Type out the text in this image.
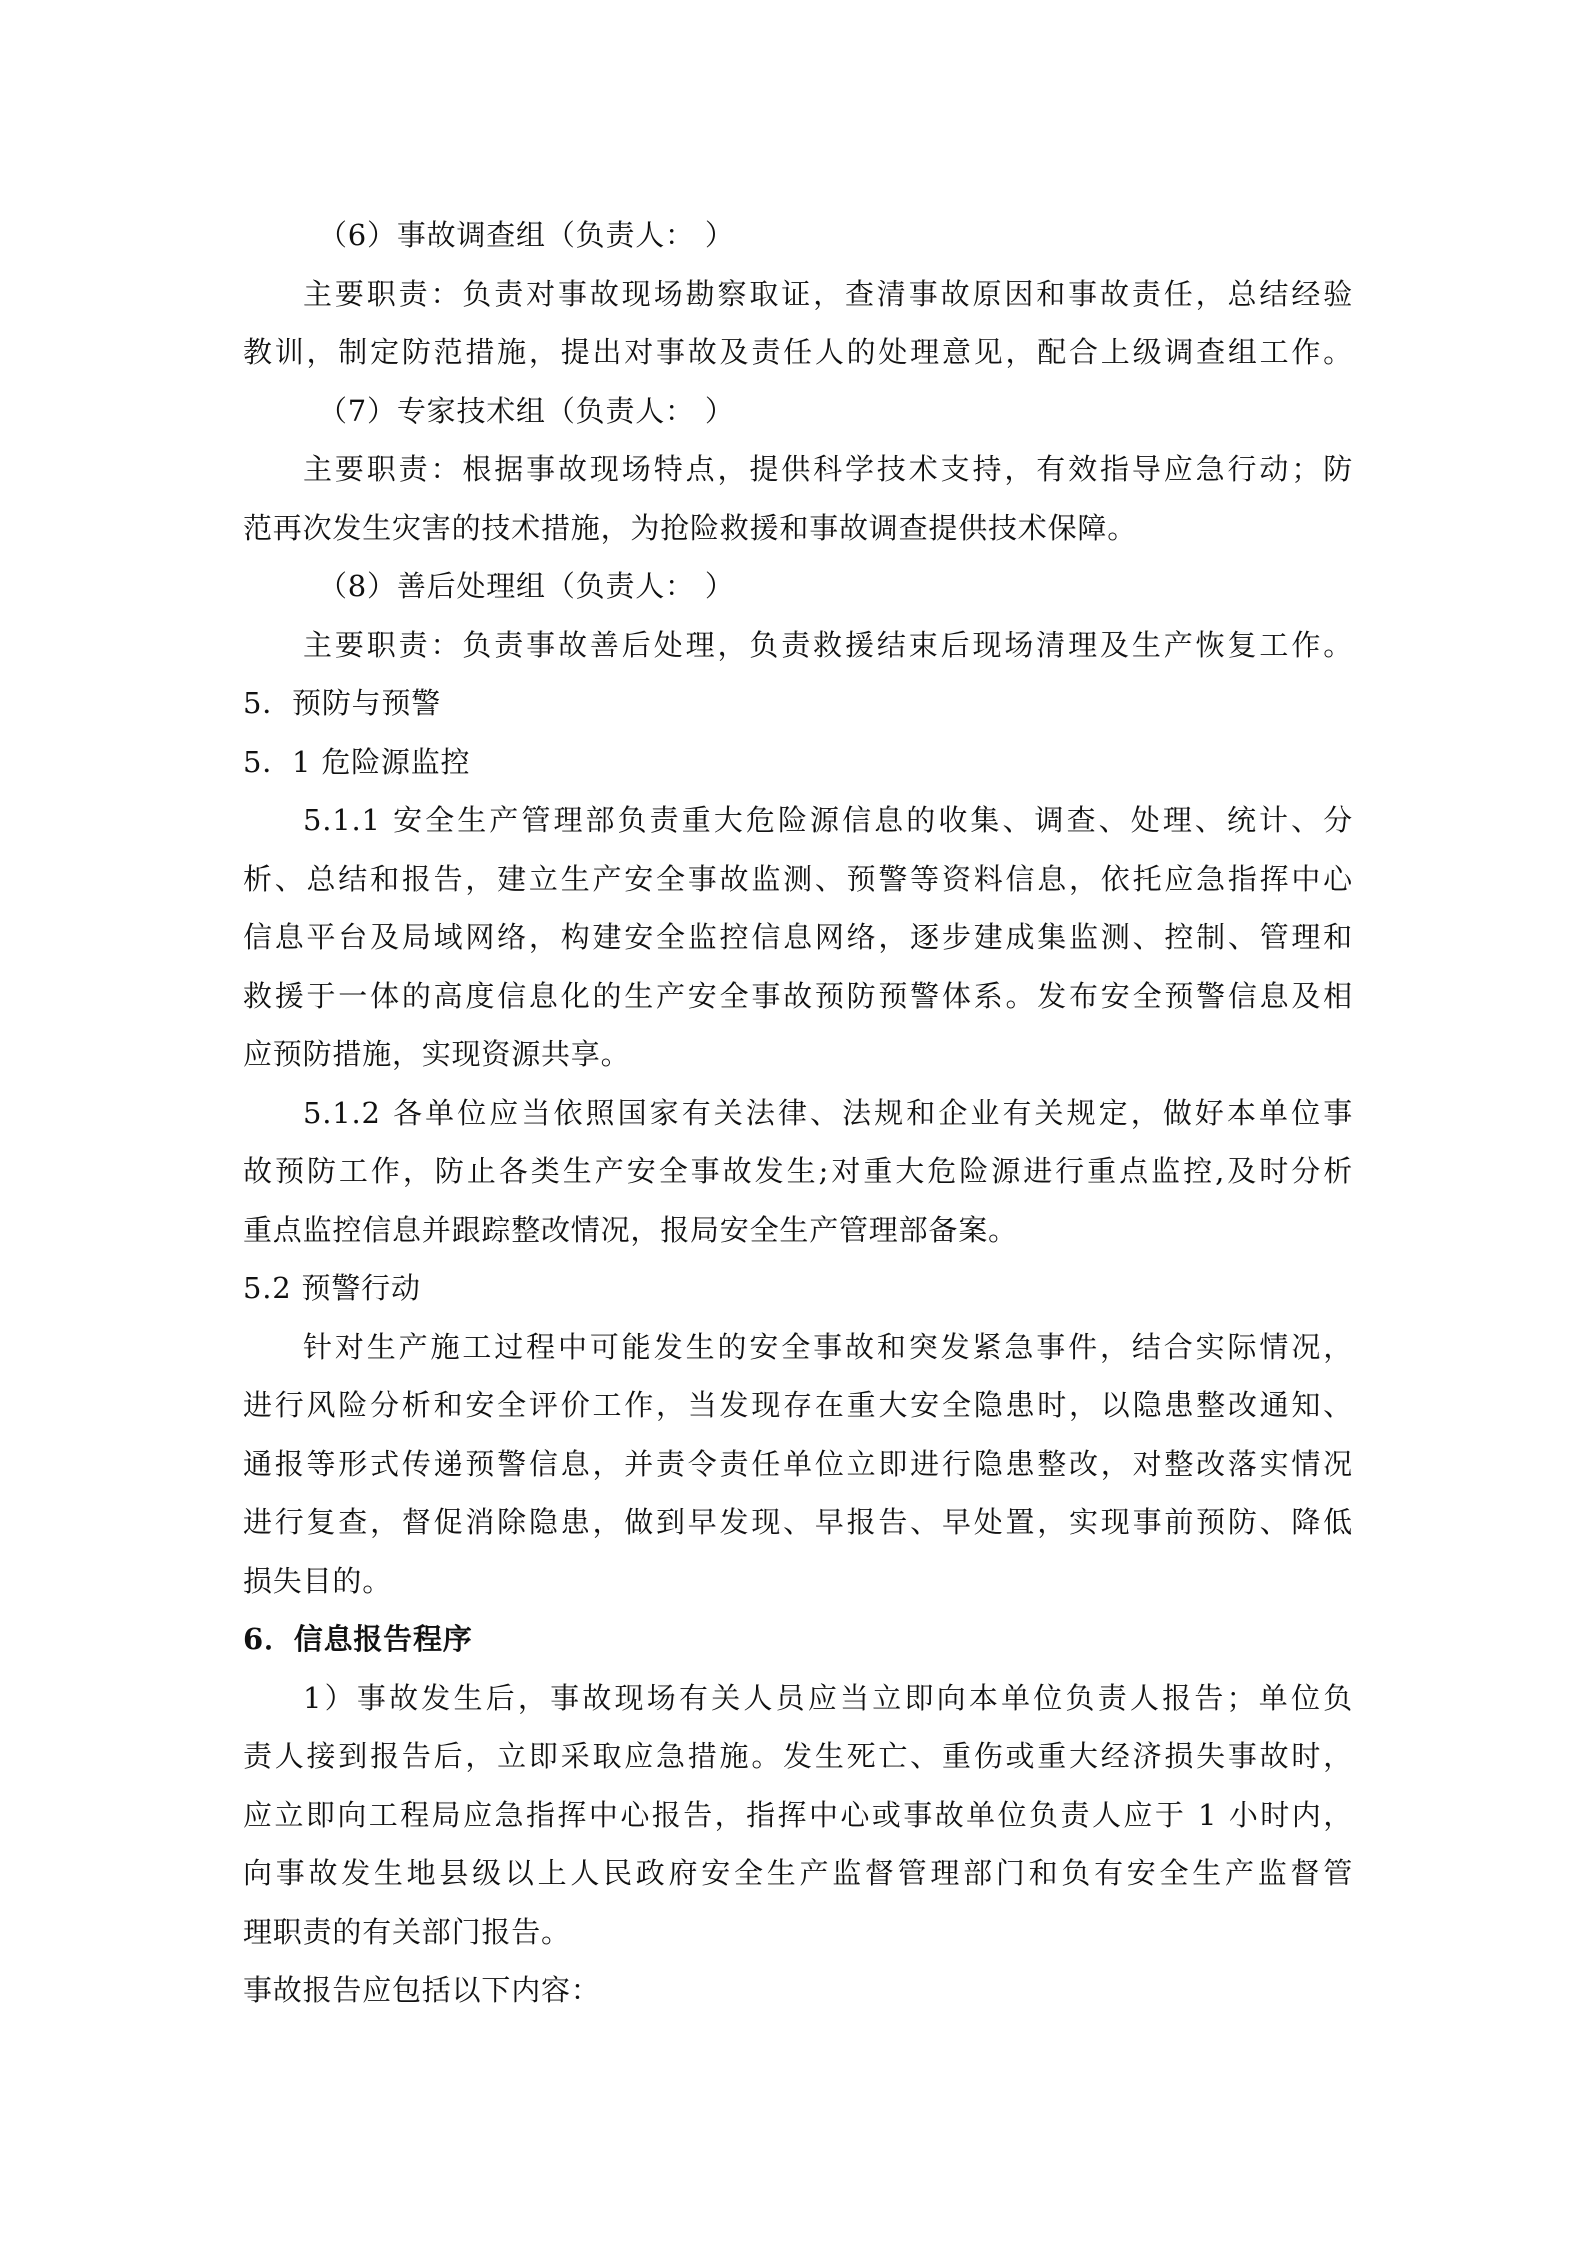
（6）事故调查组（负责人： ）
主要职责：负责对事故现场勘察取证，查清事故原因和事故责任，总结经验
教训，制定防范措施，提出对事故及责任人的处理意见，配合上级调查组工作。
（7）专家技术组（负责人： ）
主要职责：根据事故现场特点，提供科学技术支持，有效指导应急行动；防
范再次发生灾害的技术措施，为抢险救援和事故调查提供技术保障。
（8）善后处理组（负责人： ）
主要职责：负责事故善后处理，负责救援结束后现场清理及生产恢复工作。
5．预防与预警
5．1 危险源监控
5.1.1 安全生产管理部负责重大危险源信息的收集、调查、处理、统计、分
析、总结和报告，建立生产安全事故监测、预警等资料信息，依托应急指挥中心
信息平台及局域网络，构建安全监控信息网络，逐步建成集监测、控制、管理和
救援于一体的高度信息化的生产安全事故预防预警体系。发布安全预警信息及相
应预防措施，实现资源共享。
5.1.2 各单位应当依照国家有关法律、法规和企业有关规定，做好本单位事
故预防工作，防止各类生产安全事故发生;对重大危险源进行重点监控,及时分析
重点监控信息并跟踪整改情况，报局安全生产管理部备案。
5.2 预警行动
针对生产施工过程中可能发生的安全事故和突发紧急事件，结合实际情况，
进行风险分析和安全评价工作，当发现存在重大安全隐患时，以隐患整改通知、
通报等形式传递预警信息，并责令责任单位立即进行隐患整改，对整改落实情况
进行复查，督促消除隐患，做到早发现、早报告、早处置，实现事前预防、降低
损失目的。
6．信息报告程序
1）事故发生后，事故现场有关人员应当立即向本单位负责人报告；单位负
责人接到报告后，立即采取应急措施。发生死亡、重伤或重大经济损失事故时，
应立即向工程局应急指挥中心报告，指挥中心或事故单位负责人应于 1 小时内，
向事故发生地县级以上人民政府安全生产监督管理部门和负有安全生产监督管
理职责的有关部门报告。
事故报告应包括以下内容：
